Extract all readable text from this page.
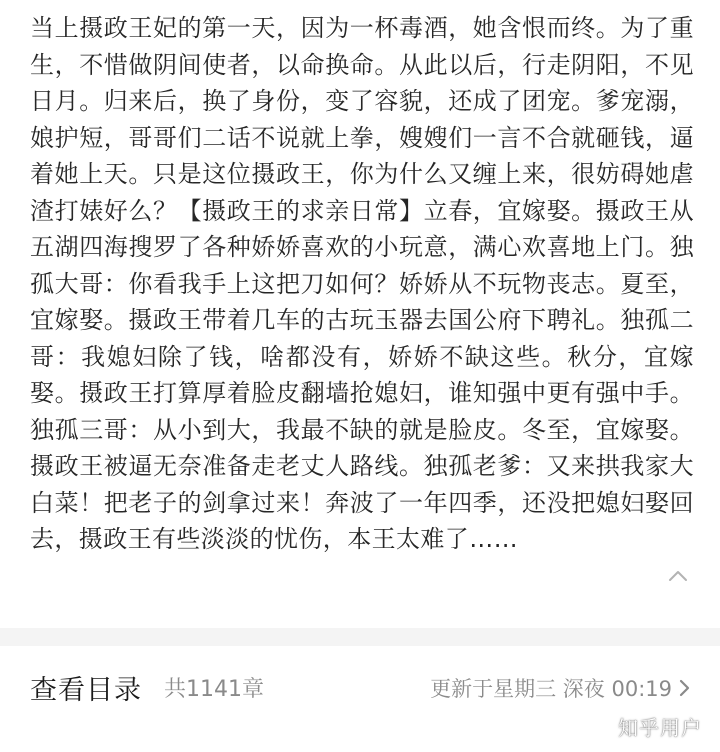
当上摄政王妃的第一天，因为一杯毒酒，她含恨而终。为了重生，不惜做阴间使者，以命换命。从此以后，行走阴阳，不见日月。归来后，换了身份，变了容貌，还成了团宠。爹宠溺，娘护短，哥哥们二话不说就上拳，嫂嫂们一言不合就砸钱，逼着她上天。只是这位摄政王，你为什么又缠上来，很妨碍她虐渣打婊好么？【摄政王的求亲日常】立春，宜嫁娶。摄政王从五湖四海搜罗了各种娇娇喜欢的小玩意，满心欢喜地上门。独孤大哥：你看我手上这把刀如何？娇娇从不玩物丧志。夏至，宜嫁娶。摄政王带着几车的古玩玉器去国公府下聘礼。独孤二哥：我媳妇除了钱，啥都没有，娇娇不缺这些。秋分，宜嫁娶。摄政王打算厚着脸皮翻墙抢媳妇，谁知强中更有强中手。独孤三哥：从小到大，我最不缺的就是脸皮。冬至，宜嫁娶。摄政王被逼无奈准备走老丈人路线。独孤老爹：又来拱我家大白菜！把老子的剑拿过来！奔波了一年四季，还没把媳妇娶回去，摄政王有些淡淡的忧伤，本王太难了……

查看目录 共1141章	更新于星期三 深夜 00:19
知乎用户
